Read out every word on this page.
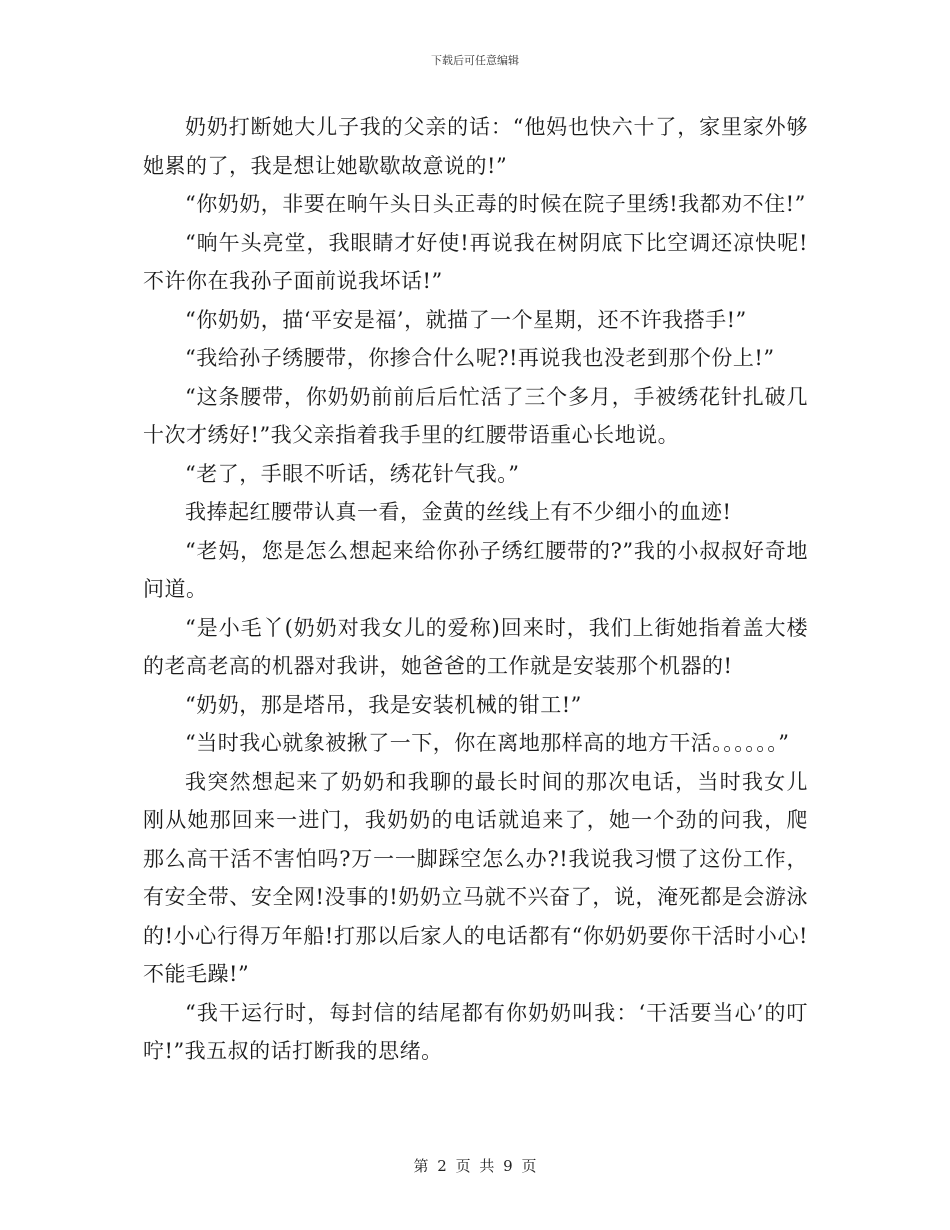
下载后可任意编辑

奶奶打断她大儿子我的父亲的话：“他妈也快六十了，家里家外够她累的了，我是想让她歇歇故意说的!”

“你奶奶，非要在晌午头日头正毒的时候在院子里绣!我都劝不住!”

“晌午头亮堂，我眼睛才好使!再说我在树阴底下比空调还凉快呢!不许你在我孙子面前说我坏话!”

“你奶奶，描‘平安是福’，就描了一个星期，还不许我搭手!”

“我给孙子绣腰带，你掺合什么呢?!再说我也没老到那个份上!”

“这条腰带，你奶奶前前后后忙活了三个多月，手被绣花针扎破几十次才绣好!”我父亲指着我手里的红腰带语重心长地说。

“老了，手眼不听话，绣花针气我。”

我捧起红腰带认真一看，金黄的丝线上有不少细小的血迹!

“老妈，您是怎么想起来给你孙子绣红腰带的?”我的小叔叔好奇地问道。

“是小毛丫(奶奶对我女儿的爱称)回来时，我们上街她指着盖大楼的老高老高的机器对我讲，她爸爸的工作就是安装那个机器的!

“奶奶，那是塔吊，我是安装机械的钳工!”

“当时我心就象被揪了一下，你在离地那样高的地方干活。。。。。。”

我突然想起来了奶奶和我聊的最长时间的那次电话，当时我女儿刚从她那回来一进门，我奶奶的电话就追来了，她一个劲的问我，爬那么高干活不害怕吗?万一一脚踩空怎么办?!我说我习惯了这份工作，有安全带、安全网!没事的!奶奶立马就不兴奋了，说，淹死都是会游泳的!小心行得万年船!打那以后家人的电话都有“你奶奶要你干活时小心!不能毛躁!”

“我干运行时，每封信的结尾都有你奶奶叫我：‘干活要当心’的叮咛!”我五叔的话打断我的思绪。

第 2 页 共 9 页
